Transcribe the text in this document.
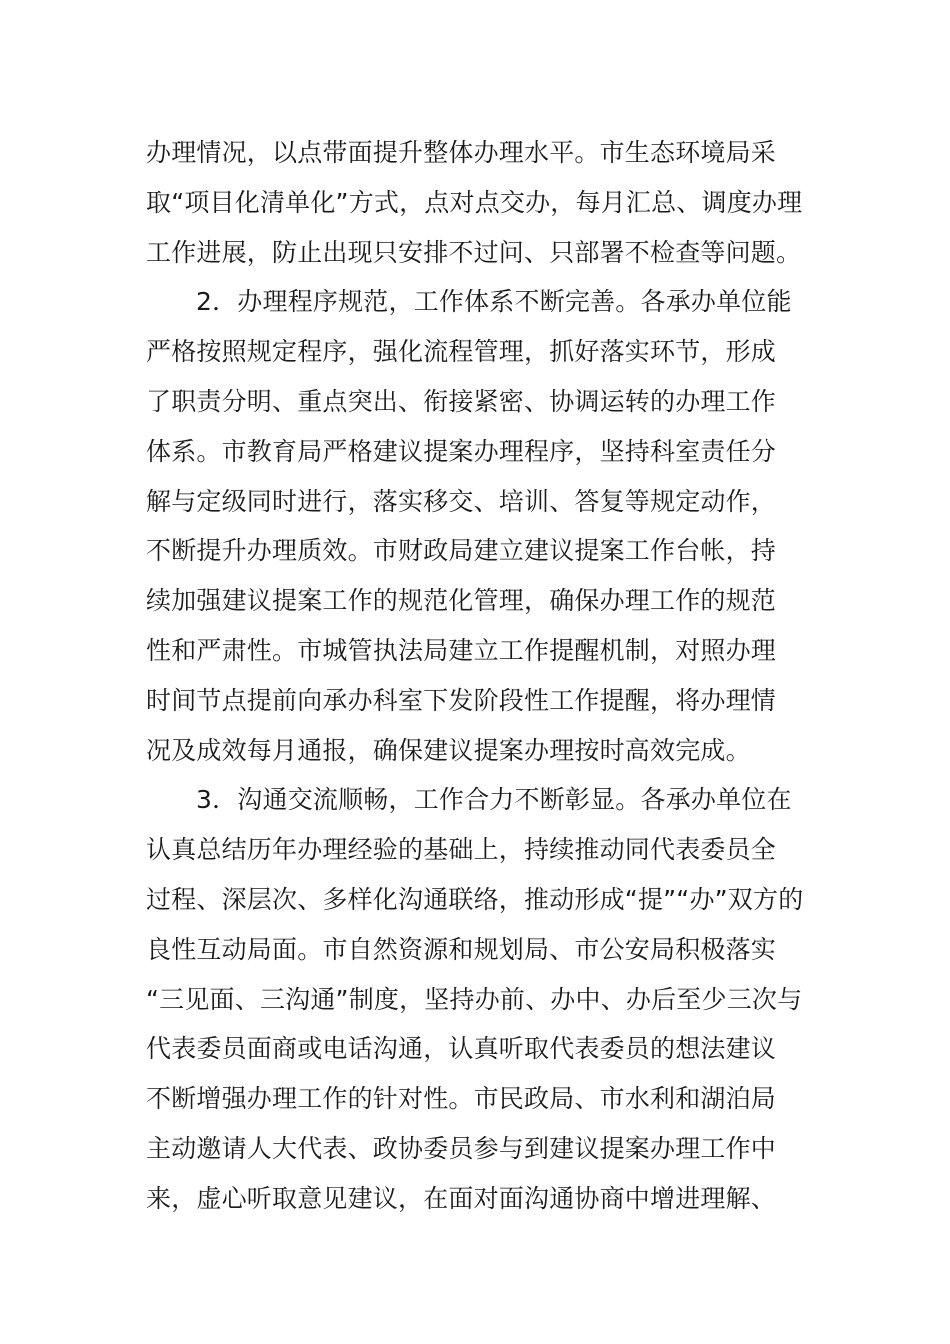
办理情况，以点带面提升整体办理水平。市生态环境局采
取“项目化清单化”方式，点对点交办，每月汇总、调度办理
工作进展，防止出现只安排不过问、只部署不检查等问题。
2．办理程序规范，工作体系不断完善。各承办单位能
严格按照规定程序，强化流程管理，抓好落实环节，形成
了职责分明、重点突出、衔接紧密、协调运转的办理工作
体系。市教育局严格建议提案办理程序，坚持科室责任分
解与定级同时进行，落实移交、培训、答复等规定动作，
不断提升办理质效。市财政局建立建议提案工作台帐，持
续加强建议提案工作的规范化管理，确保办理工作的规范
性和严肃性。市城管执法局建立工作提醒机制，对照办理
时间节点提前向承办科室下发阶段性工作提醒，将办理情
况及成效每月通报，确保建议提案办理按时高效完成。
3．沟通交流顺畅，工作合力不断彰显。各承办单位在
认真总结历年办理经验的基础上，持续推动同代表委员全
过程、深层次、多样化沟通联络，推动形成“提”“办”双方的
良性互动局面。市自然资源和规划局、市公安局积极落实
“三见面、三沟通”制度，坚持办前、办中、办后至少三次与
代表委员面商或电话沟通，认真听取代表委员的想法建议
不断增强办理工作的针对性。市民政局、市水利和湖泊局
主动邀请人大代表、政协委员参与到建议提案办理工作中
来，虚心听取意见建议，在面对面沟通协商中增进理解、
